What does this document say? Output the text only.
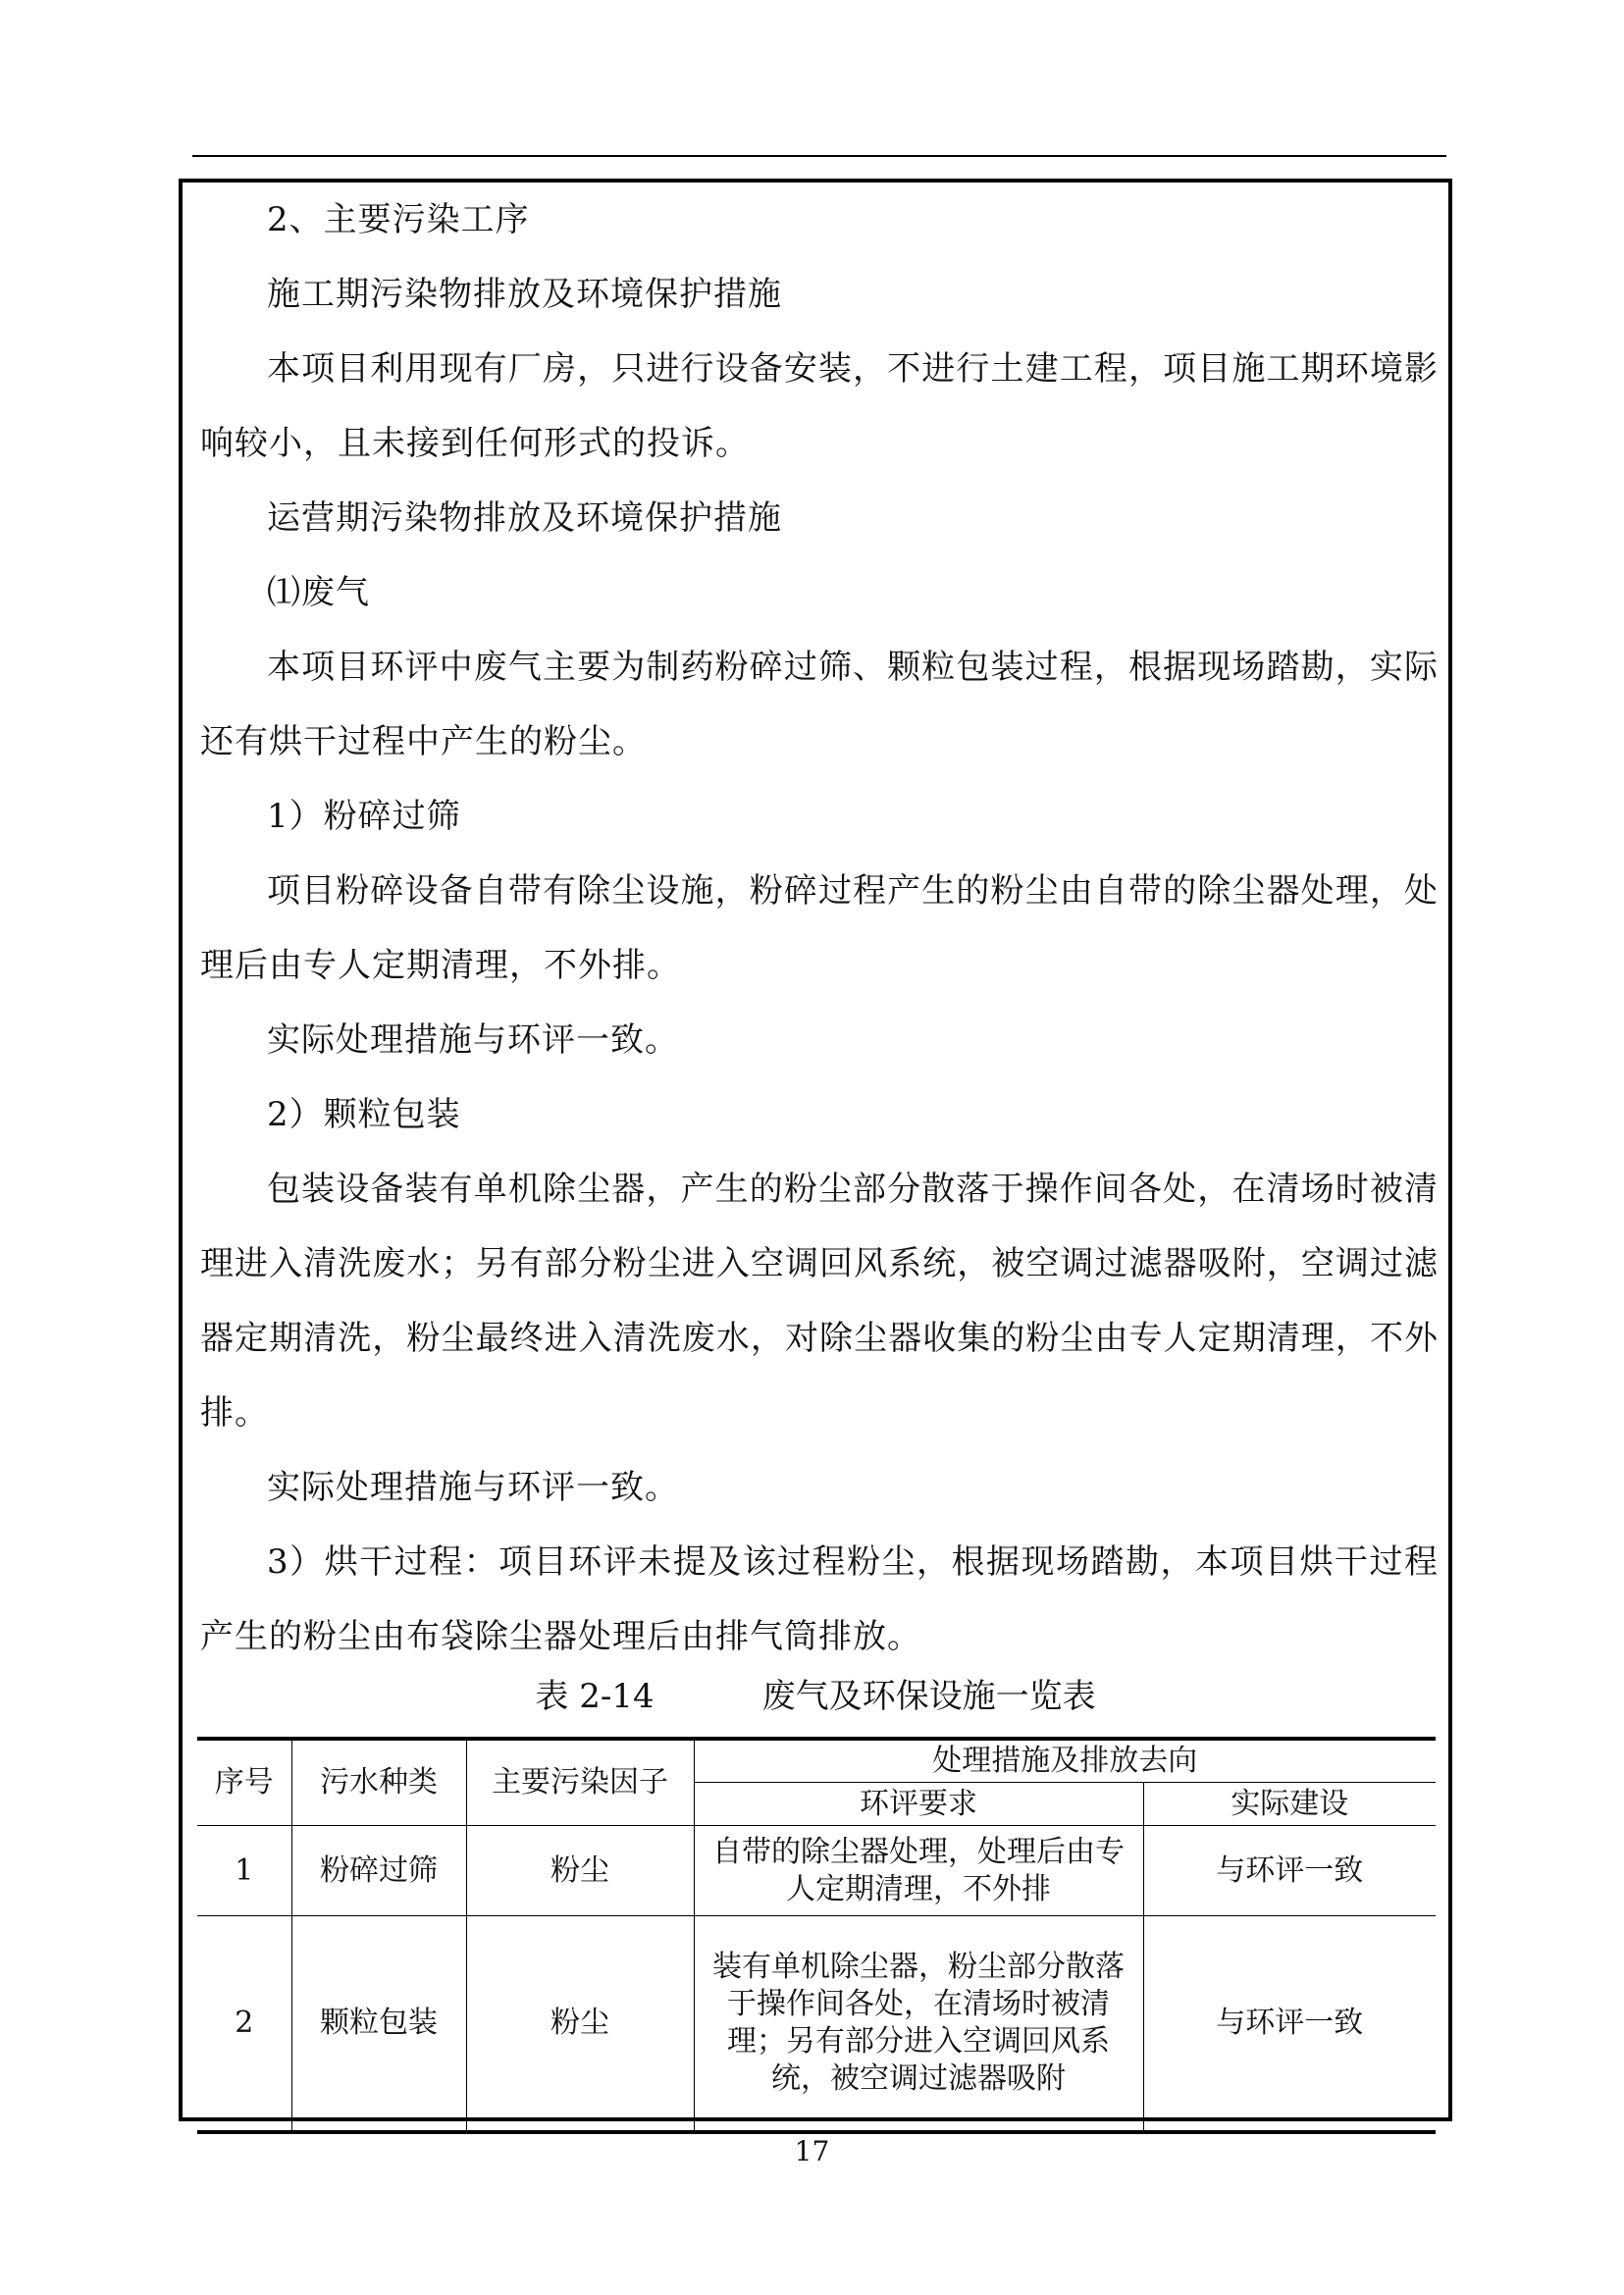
2、主要污染工序

施工期污染物排放及环境保护措施

本项目利用现有厂房，只进行设备安装，不进行土建工程，项目施工期环境影响较小，且未接到任何形式的投诉。

运营期污染物排放及环境保护措施

⑴废气

本项目环评中废气主要为制药粉碎过筛、颗粒包装过程，根据现场踏勘，实际还有烘干过程中产生的粉尘。

1）粉碎过筛

项目粉碎设备自带有除尘设施，粉碎过程产生的粉尘由自带的除尘器处理，处理后由专人定期清理，不外排。

实际处理措施与环评一致。

2）颗粒包装

包装设备装有单机除尘器，产生的粉尘部分散落于操作间各处，在清场时被清理进入清洗废水；另有部分粉尘进入空调回风系统，被空调过滤器吸附，空调过滤器定期清洗，粉尘最终进入清洗废水，对除尘器收集的粉尘由专人定期清理，不外排。

实际处理措施与环评一致。

3）烘干过程：项目环评未提及该过程粉尘，根据现场踏勘，本项目烘干过程产生的粉尘由布袋除尘器处理后由排气筒排放。

表 2-14	废气及环保设施一览表
序号	污水种类	主要污染因子	处理措施及排放去向	
			环评要求	实际建设
1	粉碎过筛	粉尘	自带的除尘器处理，处理后由专人定期清理，不外排	与环评一致
2	颗粒包装	粉尘	装有单机除尘器，粉尘部分散落于操作间各处，在清场时被清理；另有部分进入空调回风系统，被空调过滤器吸附	与环评一致
17
